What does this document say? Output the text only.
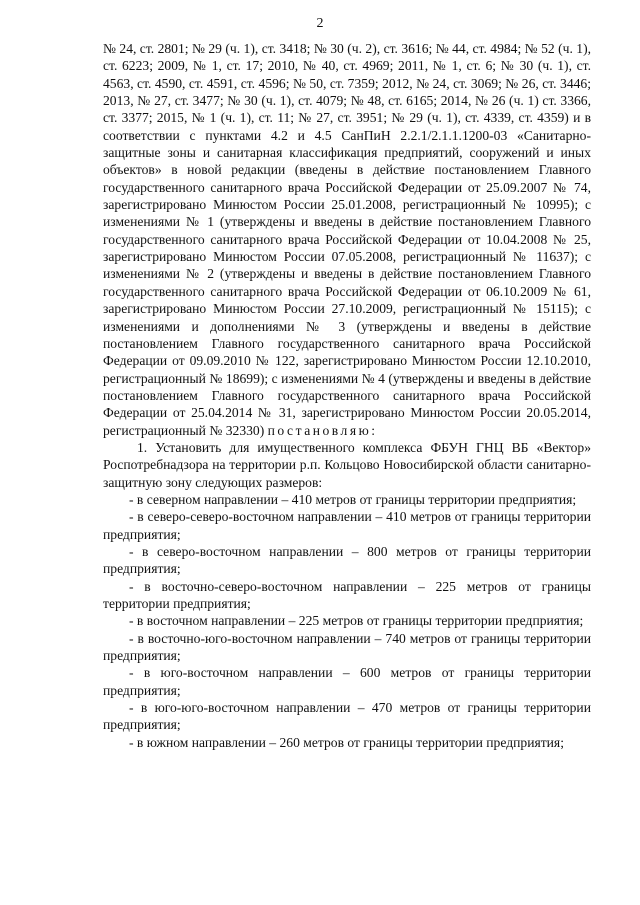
2

№ 24, ст. 2801; № 29 (ч. 1), ст. 3418; № 30 (ч. 2), ст. 3616; № 44, ст. 4984; № 52 (ч. 1), ст. 6223; 2009, № 1, ст. 17; 2010, № 40, ст. 4969; 2011, № 1, ст. 6; № 30 (ч. 1), ст. 4563, ст. 4590, ст. 4591, ст. 4596; № 50, ст. 7359; 2012, № 24, ст. 3069; № 26, ст. 3446; 2013, № 27, ст. 3477; № 30 (ч. 1), ст. 4079; № 48, ст. 6165; 2014, № 26 (ч. 1) ст. 3366, ст. 3377; 2015, № 1 (ч. 1), ст. 11; № 27, ст. 3951; № 29 (ч. 1), ст. 4339, ст. 4359) и в соответствии с пунктами 4.2 и 4.5 СанПиН 2.2.1/2.1.1.1200-03 «Санитарно-защитные зоны и санитарная классификация предприятий, сооружений и иных объектов» в новой редакции (введены в действие постановлением Главного государственного санитарного врача Российской Федерации от 25.09.2007 № 74, зарегистрировано Минюстом России 25.01.2008, регистрационный № 10995); с изменениями № 1 (утверждены и введены в действие постановлением Главного государственного санитарного врача Российской Федерации от 10.04.2008 № 25, зарегистрировано Минюстом России 07.05.2008, регистрационный № 11637); с изменениями № 2 (утверждены и введены в действие постановлением Главного государственного санитарного врача Российской Федерации от 06.10.2009 № 61, зарегистрировано Минюстом России 27.10.2009, регистрационный № 15115); с изменениями и дополнениями № 3 (утверждены и введены в действие постановлением Главного государственного санитарного врача Российской Федерации от 09.09.2010 № 122, зарегистрировано Минюстом России 12.10.2010, регистрационный № 18699); с изменениями № 4 (утверждены и введены в действие постановлением Главного государственного санитарного врача Российской Федерации от 25.04.2014 № 31, зарегистрировано Минюстом России 20.05.2014, регистрационный № 32330) постановляю:

1. Установить для имущественного комплекса ФБУН ГНЦ ВБ «Вектор» Роспотребнадзора на территории р.п. Кольцово Новосибирской области санитарно-защитную зону следующих размеров:

- в северном направлении – 410 метров от границы территории предприятия;

- в северо-северо-восточном направлении – 410 метров от границы территории предприятия;

- в северо-восточном направлении – 800 метров от границы территории предприятия;

- в восточно-северо-восточном направлении – 225 метров от границы территории предприятия;

- в восточном направлении – 225 метров от границы территории предприятия;

- в восточно-юго-восточном направлении – 740 метров от границы территории предприятия;

- в юго-восточном направлении – 600 метров от границы территории предприятия;

- в юго-юго-восточном направлении – 470 метров от границы территории предприятия;

- в южном направлении – 260 метров от границы территории предприятия;
